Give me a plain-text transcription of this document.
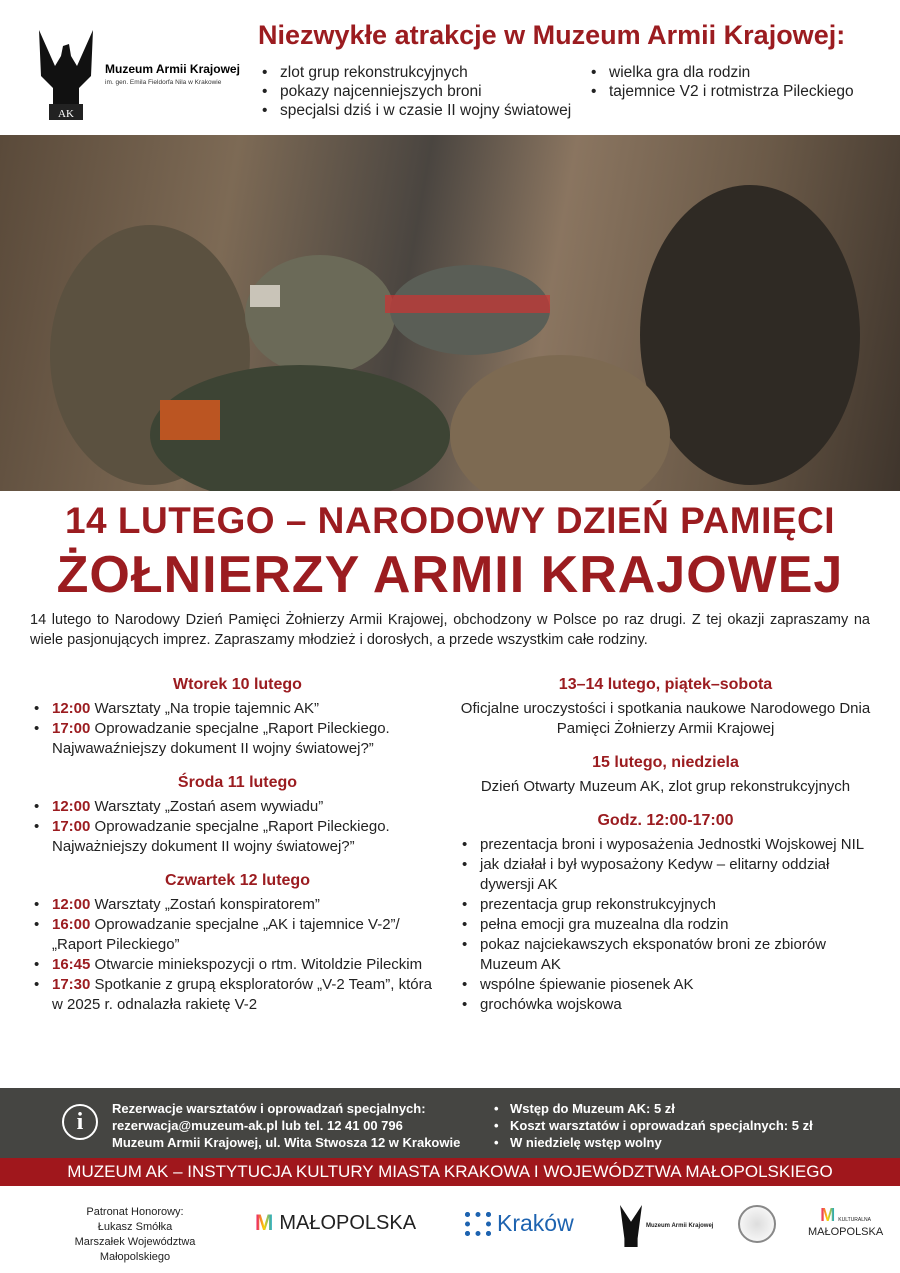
AK
Muzeum Armii Krajowej
im. gen. Emila Fieldorfa Nila w Krakowie
Niezwykłe atrakcje w Muzeum Armii Krajowej:
• zlot grup rekonstrukcyjnych
• pokazy najcenniejszych broni
• specjalsi dziś i w czasie II wojny światowej
• wielka gra dla rodzin
• tajemnice V2 i rotmistrza Pileckiego
14 LUTEGO – NARODOWY DZIEŃ PAMIĘCI
ŻOŁNIERZY ARMII KRAJOWEJ

14 lutego to Narodowy Dzień Pamięci Żołnierzy Armii Krajowej, obchodzony w Polsce po raz drugi. Z tej okazji zapraszamy na wiele pasjonujących imprez. Zapraszamy młodzież i dorosłych, a przede wszystkim całe rodziny.

Wtorek 10 lutego
• 12:00 Warsztaty „Na tropie tajemnic AK”
• 17:00 Oprowadzanie specjalne „Raport Pileckiego. Najwawaźniejszy dokument II wojny światowej?”
Środa 11 lutego
• 12:00 Warsztaty „Zostań asem wywiadu”
• 17:00 Oprowadzanie specjalne „Raport Pileckiego. Najważniejszy dokument II wojny światowej?”
Czwartek 12 lutego
• 12:00 Warsztaty „Zostań konspiratorem”
• 16:00 Oprowadzanie specjalne „AK i tajemnice V-2”/„Raport Pileckiego”
• 16:45 Otwarcie miniekspozycji o rtm. Witoldzie Pileckim
• 17:30 Spotkanie z grupą eksploratorów „V-2 Team”, która w 2025 r. odnalazła rakietę V-2
13–14 lutego, piątek–sobota

Oficjalne uroczystości i spotkania naukowe Narodowego Dnia Pamięci Żołnierzy Armii Krajowej

15 lutego, niedziela

Dzień Otwarty Muzeum AK, zlot grup rekonstrukcyjnych

Godz. 12:00-17:00
• prezentacja broni i wyposażenia Jednostki Wojskowej NIL
• jak działał i był wyposażony Kedyw – elitarny oddział dywersji AK
• prezentacja grup rekonstrukcyjnych
• pełna emocji gra muzealna dla rodzin
• pokaz najciekawszych eksponatów broni ze zbiorów Muzeum AK
• wspólne śpiewanie piosenek AK
• grochówka wojskowa
i
Rezerwacje warsztatów i oprowadzań specjalnych:
rezerwacja@muzeum-ak.pl lub tel. 12 41 00 796
Muzeum Armii Krajowej, ul. Wita Stwosza 12 w Krakowie
• Wstęp do Muzeum AK: 5 zł
• Koszt warsztatów i oprowadzań specjalnych: 5 zł
• W niedzielę wstęp wolny
MUZEUM AK – INSTYTUCJA KULTURY MIASTA KRAKOWA I WOJEWÓDZTWA MAŁOPOLSKIEGO
Patronat Honorowy:
Łukasz Smółka
Marszałek Województwa Małopolskiego
M MAŁOPOLSKA	Kraków	Muzeum Armii Krajowej
M KULTURALNA
MAŁOPOLSKA
